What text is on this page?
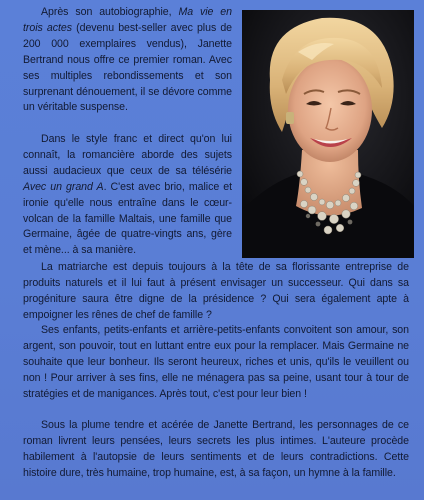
Après son autobiographie, Ma vie en trois actes (devenu best-seller avec plus de 200 000 exemplaires vendus), Janette Bertrand nous offre ce premier roman. Avec ses multiples rebondissements et son surprenant dénouement, il se dévore comme un véritable suspense.

Dans le style franc et direct qu'on lui connaît, la romancière aborde des sujets aussi audacieux que ceux de sa télésérie Avec un grand A. C'est avec brio, malice et ironie qu'elle nous entraîne dans le cœur-volcan de la famille Maltais, une famille que Germaine, âgée de quatre-vingts ans, gère et mène... à sa manière.

La matriarche est depuis toujours à la tête de sa florissante entreprise de produits naturels et il lui faut à présent envisager un successeur. Qui dans sa progéniture saura être digne de la présidence ? Qui sera également apte à empoigner les rênes de chef de famille ?

Ses enfants, petits-enfants et arrière-petits-enfants convoitent son amour, son argent, son pouvoir, tout en luttant entre eux pour la remplacer. Mais Germaine ne souhaite que leur bonheur. Ils seront heureux, riches et unis, qu'ils le veuillent ou non ! Pour arriver à ses fins, elle ne ménagera pas sa peine, usant tour à tour de stratégies et de manigances. Après tout, c'est pour leur bien !

Sous la plume tendre et acérée de Janette Bertrand, les personnages de ce roman livrent leurs pensées, leurs secrets les plus intimes. L'auteure procède habilement à l'autopsie de leurs sentiments et de leurs contradictions. Cette histoire dure, très humaine, trop humaine, est, à sa façon, un hymne à la famille.
